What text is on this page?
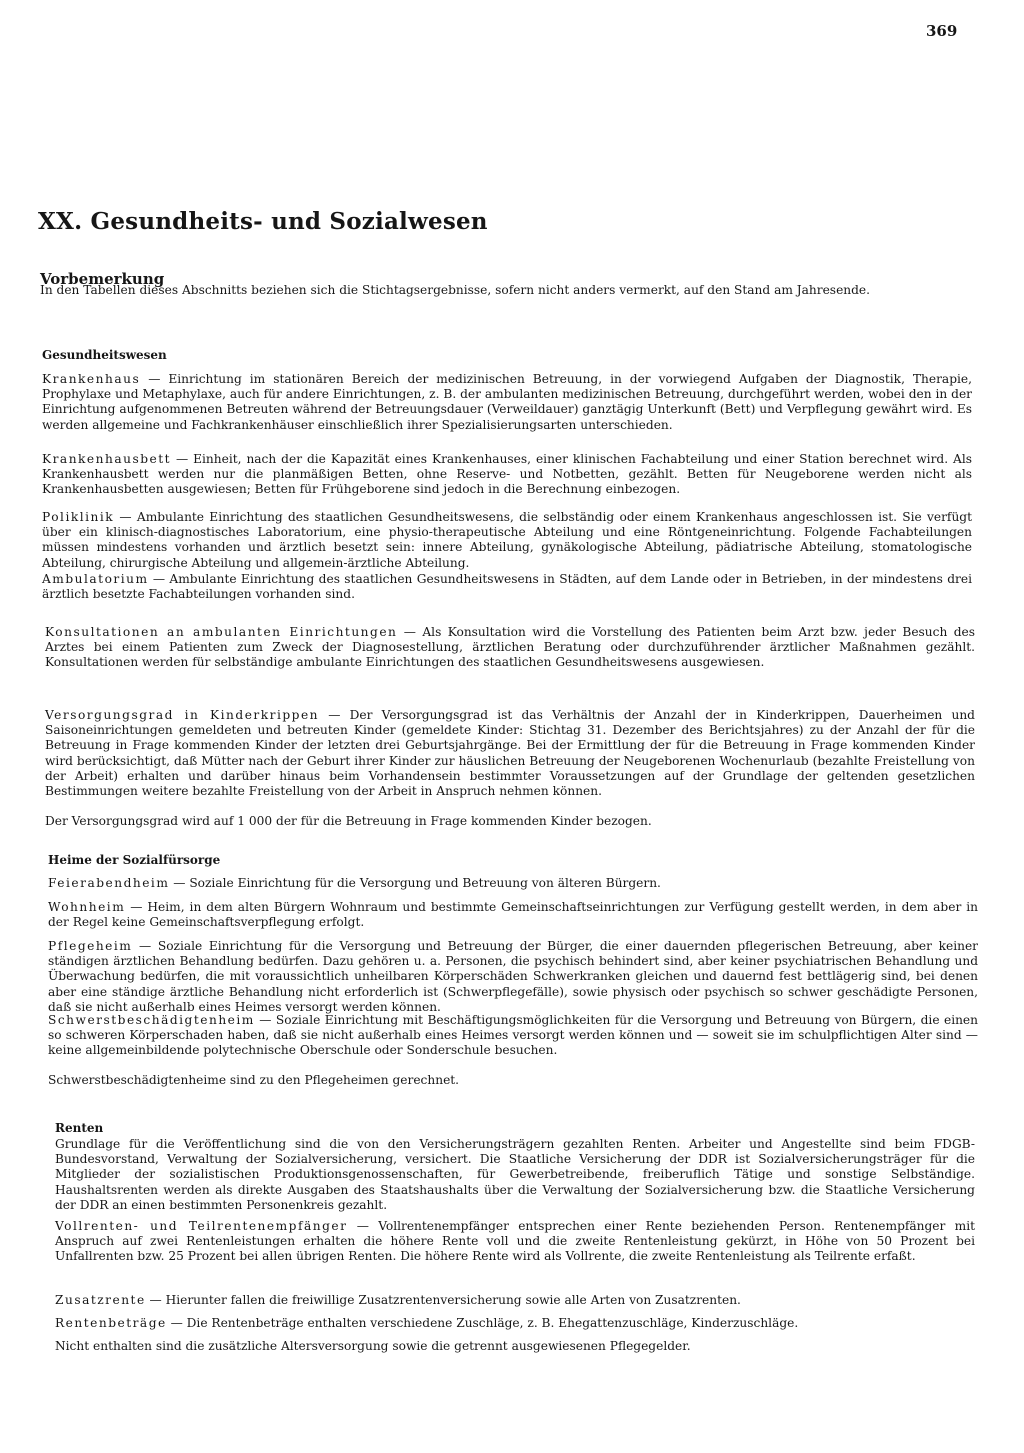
369
XX. Gesundheits- und Sozialwesen
Vorbemerkung

In den Tabellen dieses Abschnitts beziehen sich die Stichtagsergebnisse, sofern nicht anders vermerkt, auf den Stand am Jahresende.

Gesundheitswesen

Krankenhaus — Einrichtung im stationären Bereich der medizinischen Betreuung, in der vorwiegend Aufgaben der Diagnostik, Therapie, Prophylaxe und Metaphylaxe, auch für andere Einrichtungen, z. B. der ambulanten medizinischen Betreuung, durchgeführt werden, wobei den in der Einrichtung aufgenommenen Betreuten während der Betreuungsdauer (Verweildauer) ganztägig Unterkunft (Bett) und Verpflegung gewährt wird. Es werden allgemeine und Fachkrankenhäuser einschließlich ihrer Spezialisierungsarten unterschieden.

Krankenhausbett — Einheit, nach der die Kapazität eines Krankenhauses, einer klinischen Fachabteilung und einer Station berechnet wird. Als Krankenhausbett werden nur die planmäßigen Betten, ohne Reserve- und Notbetten, gezählt. Betten für Neugeborene werden nicht als Krankenhausbetten ausgewiesen; Betten für Frühgeborene sind jedoch in die Berechnung einbezogen.

Poliklinik — Ambulante Einrichtung des staatlichen Gesundheitswesens, die selbständig oder einem Krankenhaus angeschlossen ist. Sie verfügt über ein klinisch-diagnostisches Laboratorium, eine physio-therapeutische Abteilung und eine Röntgeneinrichtung. Folgende Fachabteilungen müssen mindestens vorhanden und ärztlich besetzt sein: innere Abteilung, gynäkologische Abteilung, pädiatrische Abteilung, stomatologische Abteilung, chirurgische Abteilung und allgemein-ärztliche Abteilung.

Ambulatorium — Ambulante Einrichtung des staatlichen Gesundheitswesens in Städten, auf dem Lande oder in Betrieben, in der mindestens drei ärztlich besetzte Fachabteilungen vorhanden sind.

Konsultationen an ambulanten Einrichtungen — Als Konsultation wird die Vorstellung des Patienten beim Arzt bzw. jeder Besuch des Arztes bei einem Patienten zum Zweck der Diagnosestellung, ärztlichen Beratung oder durchzuführender ärztlicher Maßnahmen gezählt. Konsultationen werden für selbständige ambulante Einrichtungen des staatlichen Gesundheitswesens ausgewiesen.

Versorgungsgrad in Kinderkrippen — Der Versorgungsgrad ist das Verhältnis der Anzahl der in Kinderkrippen, Dauerheimen und Saisoneinrichtungen gemeldeten und betreuten Kinder (gemeldete Kinder: Stichtag 31. Dezember des Berichtsjahres) zu der Anzahl der für die Betreuung in Frage kommenden Kinder der letzten drei Geburtsjahrgänge. Bei der Ermittlung der für die Betreuung in Frage kommenden Kinder wird berücksichtigt, daß Mütter nach der Geburt ihrer Kinder zur häuslichen Betreuung der Neugeborenen Wochenurlaub (bezahlte Freistellung von der Arbeit) erhalten und darüber hinaus beim Vorhandensein bestimmter Voraussetzungen auf der Grundlage der geltenden gesetzlichen Bestimmungen weitere bezahlte Freistellung von der Arbeit in Anspruch nehmen können.

Der Versorgungsgrad wird auf 1 000 der für die Betreuung in Frage kommenden Kinder bezogen.

Heime der Sozialfürsorge

Feierabendheim — Soziale Einrichtung für die Versorgung und Betreuung von älteren Bürgern.

Wohnheim — Heim, in dem alten Bürgern Wohnraum und bestimmte Gemeinschaftseinrichtungen zur Verfügung gestellt werden, in dem aber in der Regel keine Gemeinschaftsverpflegung erfolgt.

Pflegeheim — Soziale Einrichtung für die Versorgung und Betreuung der Bürger, die einer dauernden pflegerischen Betreuung, aber keiner ständigen ärztlichen Behandlung bedürfen. Dazu gehören u. a. Personen, die psychisch behindert sind, aber keiner psychiatrischen Behandlung und Überwachung bedürfen, die mit voraussichtlich unheilbaren Körperschäden Schwerkranken gleichen und dauernd fest bettlägerig sind, bei denen aber eine ständige ärztliche Behandlung nicht erforderlich ist (Schwerpflegefälle), sowie physisch oder psychisch so schwer geschädigte Personen, daß sie nicht außerhalb eines Heimes versorgt werden können.

Schwerstbeschädigtenheim — Soziale Einrichtung mit Beschäftigungsmöglichkeiten für die Versorgung und Betreuung von Bürgern, die einen so schweren Körperschaden haben, daß sie nicht außerhalb eines Heimes versorgt werden können und — soweit sie im schulpflichtigen Alter sind — keine allgemeinbildende polytechnische Oberschule oder Sonderschule besuchen.

Schwerstbeschädigtenheime sind zu den Pflegeheimen gerechnet.

Renten

Grundlage für die Veröffentlichung sind die von den Versicherungsträgern gezahlten Renten. Arbeiter und Angestellte sind beim FDGB-Bundesvorstand, Verwaltung der Sozialversicherung, versichert. Die Staatliche Versicherung der DDR ist Sozialversicherungsträger für die Mitglieder der sozialistischen Produktionsgenossenschaften, für Gewerbetreibende, freiberuflich Tätige und sonstige Selbständige. Haushaltsrenten werden als direkte Ausgaben des Staatshaushalts über die Verwaltung der Sozialversicherung bzw. die Staatliche Versicherung der DDR an einen bestimmten Personenkreis gezahlt.

Vollrenten- und Teilrentenempfänger — Vollrentenempfänger entsprechen einer Rente beziehenden Person. Rentenempfänger mit Anspruch auf zwei Rentenleistungen erhalten die höhere Rente voll und die zweite Rentenleistung gekürzt, in Höhe von 50 Prozent bei Unfallrenten bzw. 25 Prozent bei allen übrigen Renten. Die höhere Rente wird als Vollrente, die zweite Rentenleistung als Teilrente erfaßt.

Zusatzrente — Hierunter fallen die freiwillige Zusatzrentenversicherung sowie alle Arten von Zusatzrenten.

Rentenbeträge — Die Rentenbeträge enthalten verschiedene Zuschläge, z. B. Ehegattenzuschläge, Kinderzuschläge.

Nicht enthalten sind die zusätzliche Altersversorgung sowie die getrennt ausgewiesenen Pflegegelder.
